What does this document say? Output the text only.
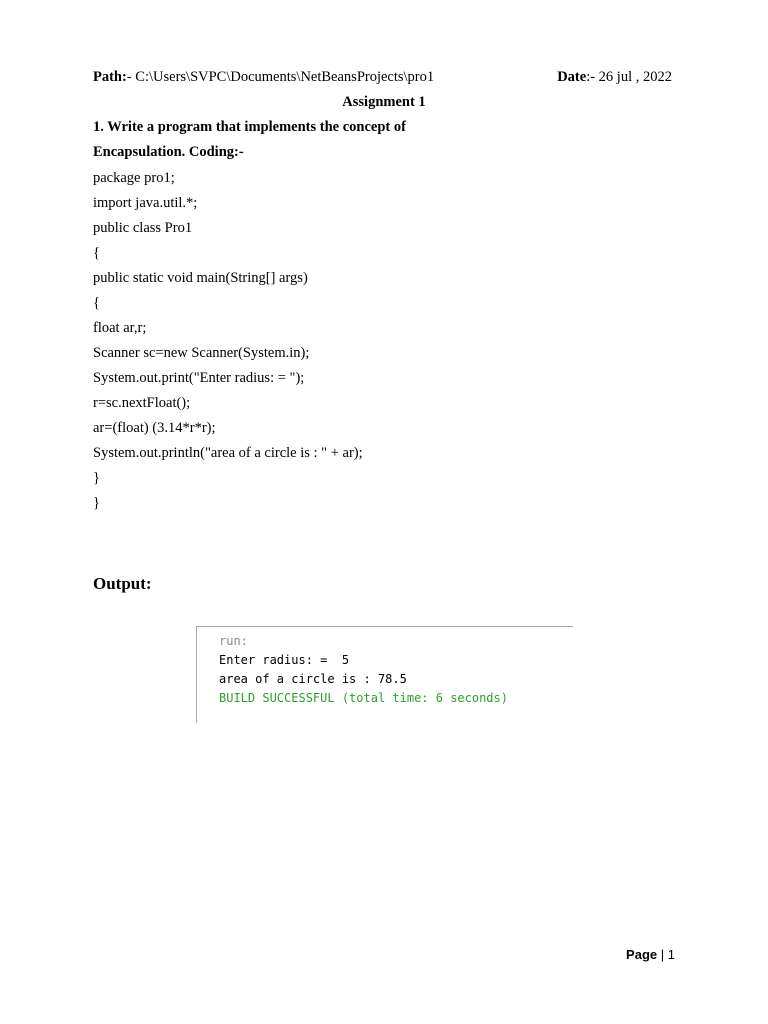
Path:- C:\Users\SVPC\Documents\NetBeansProjects\pro1	Date:- 26 jul , 2022
Assignment 1
1. Write a program that implements the concept of
Encapsulation. Coding:-
package pro1;
import java.util.*;
public class Pro1
{
public static void main(String[] args)
{
float ar,r;
Scanner sc=new Scanner(System.in);
System.out.print("Enter radius: = ");
r=sc.nextFloat();
ar=(float) (3.14*r*r);
System.out.println("area of a circle is : " + ar);
}
}
Output:
run:
Enter radius: =  5
area of a circle is : 78.5
BUILD SUCCESSFUL (total time: 6 seconds)
Page | 1
